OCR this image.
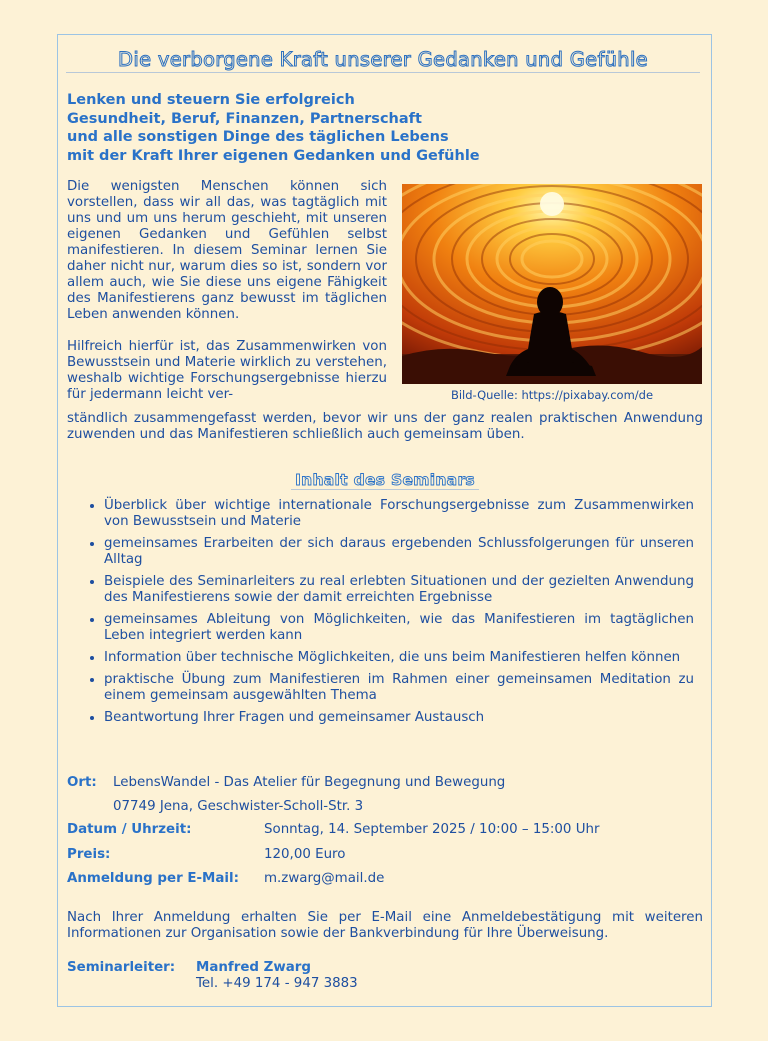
Die verborgene Kraft unserer Gedanken und Gefühle
Lenken und steuern Sie erfolgreich
Gesundheit, Beruf, Finanzen, Partnerschaft
und alle sonstigen Dinge des täglichen Lebens
mit der Kraft Ihrer eigenen Gedanken und Gefühle

Die wenigsten Menschen können sich vorstellen, dass wir all das, was tagtäglich mit uns und um uns herum geschieht, mit unseren eigenen Gedanken und Gefühlen selbst manifestieren. In diesem Seminar lernen Sie daher nicht nur, warum dies so ist, sondern vor allem auch, wie Sie diese uns eigene Fähigkeit des Manifestierens ganz bewusst im täglichen Leben anwenden können.

Hilfreich hierfür ist, das Zusammenwirken von Bewusstsein und Materie wirklich zu verstehen, weshalb wichtige Forschungsergebnisse hierzu für jedermann leicht ver-	Bild-Quelle: https://pixabay.com/de
ständlich zusammengefasst werden, bevor wir uns der ganz realen praktischen Anwendung zuwenden und das Manifestieren schließlich auch gemeinsam üben.
Inhalt des Seminars
• Überblick über wichtige internationale Forschungsergebnisse zum Zusammenwirken von Bewusstsein und Materie
• gemeinsames Erarbeiten der sich daraus ergebenden Schlussfolgerungen für unseren Alltag
• Beispiele des Seminarleiters zu real erlebten Situationen und der gezielten Anwendung des Manifestierens sowie der damit erreichten Ergebnisse
• gemeinsames Ableitung von Möglichkeiten, wie das Manifestieren im tagtäglichen Leben integriert werden kann
• Information über technische Möglichkeiten, die uns beim Manifestieren helfen können
• praktische Übung zum Manifestieren im Rahmen einer gemeinsamen Meditation zu einem gemeinsam ausgewählten Thema
• Beantwortung Ihrer Fragen und gemeinsamer Austausch
Ort: LebensWandel - Das Atelier für Begegnung und Bewegung
07749 Jena, Geschwister-Scholl-Str. 3
Datum / Uhrzeit:	Sonntag, 14. September 2025 / 10:00 – 15:00 Uhr
Preis:	120,00 Euro
Anmeldung per E-Mail: m.zwarg@mail.de
Nach Ihrer Anmeldung erhalten Sie per E-Mail eine Anmeldebestätigung mit weiteren Informationen zur Organisation sowie der Bankverbindung für Ihre Überweisung.
Seminarleiter: Manfred Zwarg
Tel. +49 174 - 947 3883
